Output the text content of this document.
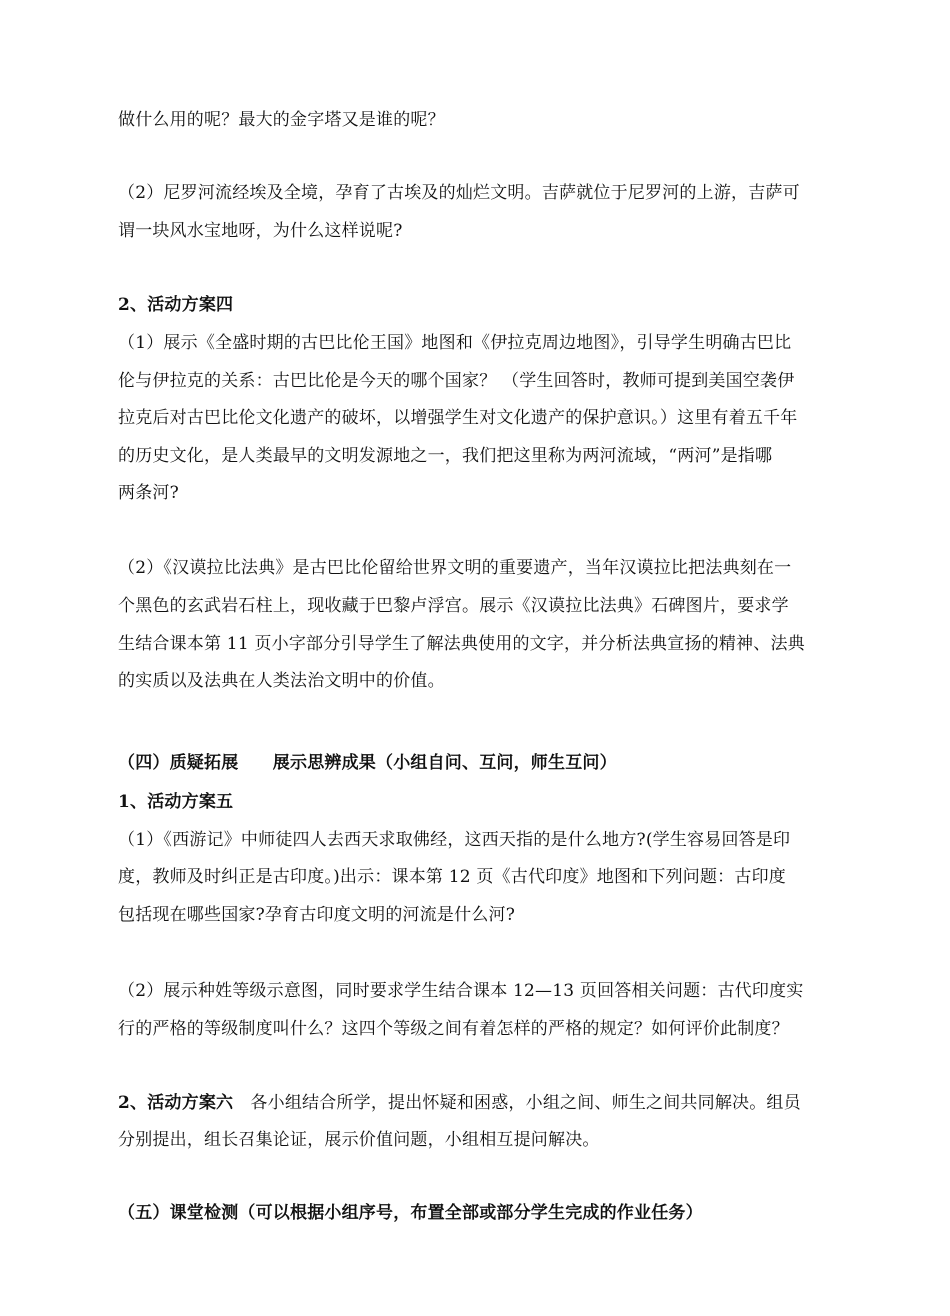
做什么用的呢？最大的金字塔又是谁的呢？
（2）尼罗河流经埃及全境，孕育了古埃及的灿烂文明。吉萨就位于尼罗河的上游，吉萨可
谓一块风水宝地呀，为什么这样说呢?
2、活动方案四
（1）展示《全盛时期的古巴比伦王国》地图和《伊拉克周边地图》，引导学生明确古巴比
伦与伊拉克的关系：古巴比伦是今天的哪个国家？ （学生回答时，教师可提到美国空袭伊
拉克后对古巴比伦文化遗产的破坏，以增强学生对文化遗产的保护意识。）这里有着五千年
的历史文化，是人类最早的文明发源地之一，我们把这里称为两河流域，“两河”是指哪
两条河?
（2）《汉谟拉比法典》是古巴比伦留给世界文明的重要遗产，当年汉谟拉比把法典刻在一
个黑色的玄武岩石柱上，现收藏于巴黎卢浮宫。展示《汉谟拉比法典》石碑图片，要求学
生结合课本第 11 页小字部分引导学生了解法典使用的文字，并分析法典宣扬的精神、法典
的实质以及法典在人类法治文明中的价值。
（四）质疑拓展　　展示思辨成果（小组自问、互问，师生互问）
1、活动方案五
（1）《西游记》中师徒四人去西天求取佛经，这西天指的是什么地方?(学生容易回答是印
度，教师及时纠正是古印度。)出示：课本第 12 页《古代印度》地图和下列问题：古印度
包括现在哪些国家?孕育古印度文明的河流是什么河?
（2）展示种姓等级示意图，同时要求学生结合课本 12—13 页回答相关问题：古代印度实
行的严格的等级制度叫什么？这四个等级之间有着怎样的严格的规定？如何评价此制度？
2、活动方案六　各小组结合所学，提出怀疑和困惑，小组之间、师生之间共同解决。组员
分别提出，组长召集论证，展示价值问题，小组相互提问解决。
（五）课堂检测（可以根据小组序号，布置全部或部分学生完成的作业任务）
